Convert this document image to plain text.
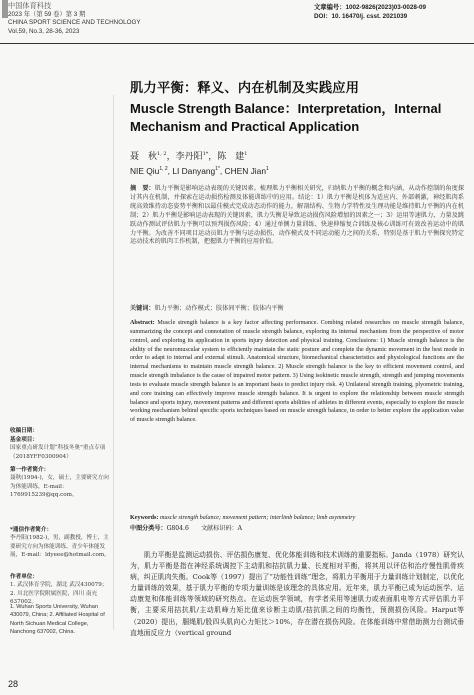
中国体育科技
2023 年（第 59 卷）第 3 期
CHINA SPORT SCIENCE AND TECHNOLOGY
Vol.59, No.3, 28-36, 2023
文章编号：1002-9826(2023)03-0028-09
DOI：10. 16470/j. csst. 2021039
肌力平衡：释义、内在机制及实践应用
Muscle Strength Balance：Interpretation，Internal Mechanism and Practical Application
聂　秋$^{1, 2}$，李丹阳$^{1*}$，陈　建$^1$
NIE Qiu$^{1, 2}$, LI Danyang$^{1*}$, CHEN Jian$^1$
摘　要：肌力平衡是影响运动表现的关键因素。梳理肌力平衡相关研究，归纳肌力平衡的概念和内涵，从动作控制的角度探讨其内在机制，并探索在运动损伤检测及体能训练中的应用。结论：1）肌力平衡是机体为适应内、外部刺激，神经肌肉系统高效维持动态姿势平衡和以最佳模式完成动态动作的能力，解剖结构、生物力学特性及生理功能是维持肌力平衡的内在机制；2）肌力平衡是影响运动表现的关键因素，肌力失衡是导致运动损伤风险增加的因素之一；3）运用等速肌力、力量及跳跃动作测试评估肌力平衡可以预判损伤风险；4）通过单侧力量训练、快速伸缩复合训练及核心训练可有效改善运动中的肌力平衡。为改善不同项目运动员肌力平衡与运动损伤、动作模式及不同运动能力之间的关系，特别是基于肌力平衡探究特定运动技术的肌肉工作机制，把握肌力平衡的应用价值。
关键词：肌力平衡；动作模式；肢体间平衡；肢体内平衡
Abstract: Muscle strength balance is a key factor affecting performance. Combing related researches on muscle strength balance, summarizing the concept and connotation of muscle strength balance, exploring its internal mechanism from the perspective of motor control, and exploring its application in sports injury detection and physical training. Conclusions: 1) Muscle strength balance is the ability of the neuromuscular system to efficiently maintain the static posture and complete the dynamic movement in the best mode in order to adapt to internal and external stimuli. Anatomical structure, biomechanical characteristics and physiological functions are the internal mechanisms to maintain muscle strength balance. 2) Muscle strength balance is the key to efficient movement control, and muscle strength imbalance is the cause of impaired motor pattern. 3) Using isokinetic muscle strength, strength and jumping movements tests to evaluate muscle strength balance is an important basis to predict injury risk. 4) Unilateral strength training, plyometric training, and core training can effectively improve muscle strength balance. It is urgent to explore the relationship between muscle strength balance and sports injury, movement patterns and different sports abilities of athletes in different events, especially to explore the muscle working mechanism behind specific sports techniques based on muscle strength balance, in order to better explore the application value of muscle strength balance.
Keywords: muscle strength balance; movement pattern; interlimb balance; limb asymmetry
中图分类号：G804.6　　文献标识码：A
收稿日期：
基金项目：
国家重点研发计划“科技冬奥”重点专项（2018YFF0300904）
第一作者简介：
聂秋(1994-)，女，硕士，主要研究方向为体能训练，E-mail：1769915239@qq.com。
*通信作者简介：
李丹阳(1982-)，男，副教授，博士，主要研究方向为体能训练、青少年体能发展，E-mail：ldyeee@hotmail.com。
作者单位：
1. 武汉体育学院，湖北 武汉430079；2. 川北医学院附属医院，四川 南充 637002。
1. Wuhan Sports University, Wuhan 430079, China; 2. Affiliated Hospital of North Sichuan Medical College, Nanchong 637002, China.
　　肌力平衡是监测运动损伤、评估损伤康复、优化体能训练和技术训练的重要指标。Janda（1978）研究认为，肌力平衡是指在神经系统调控下主动肌和拮抗肌力量、长度相对平衡，将其用以评估和治疗慢性肌骨疾病，纠正肌肉失衡。Cook等（1997）提出了“功能性训练”理念，将肌力平衡用于力量训练计划制定，以优化力量训练的效果，基于肌力平衡的专项力量训练是该理念的具体应用。近年来，肌力平衡已成为运动医学、运动康复和体能训练等领域的研究热点。在运动医学领域，有学者采用等速肌力或表面肌电等方式评估肌力平衡，主要采用拮抗肌/主动肌峰力矩比值来诊断主动肌/拮抗肌之间的均衡性，预测损伤风险。Harput等（2020）提出，腘绳肌/股四头肌向心力矩比＞10%，存在潜在损伤风险。在体能训练中常借助测力台测试垂直地面反应力（vertical ground
28
